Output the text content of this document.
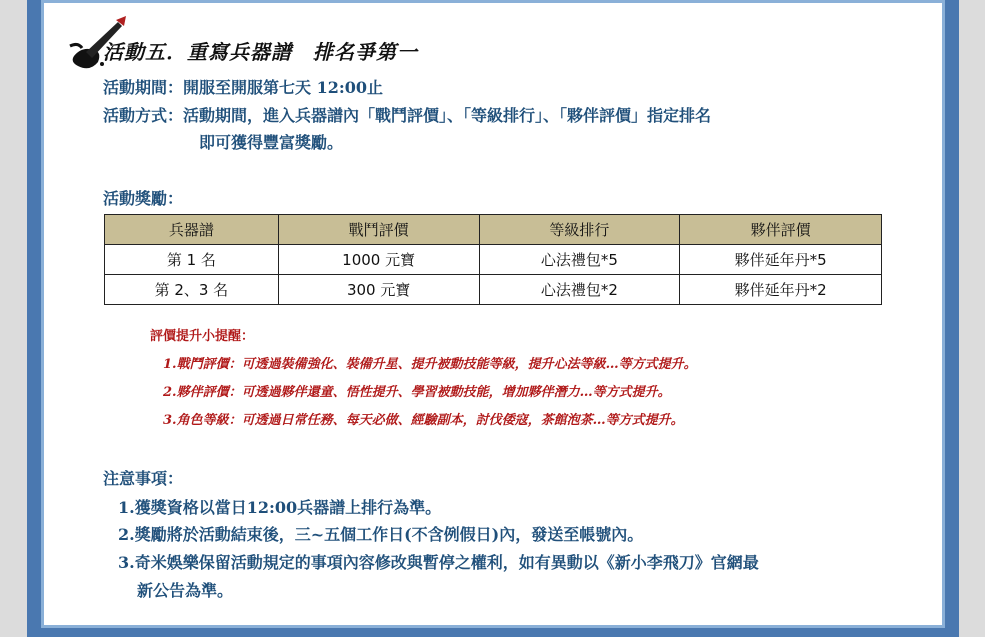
活動五．重寫兵器譜　排名爭第一
活動期間：開服至開服第七天 12:00止
活動方式：活動期間，進入兵器譜內「戰鬥評價」、「等級排行」、「夥伴評價」指定排名
即可獲得豐富獎勵。
活動獎勵：
兵器譜	戰鬥評價	等級排行	夥伴評價
第 1 名	1000 元寶	心法禮包*5	夥伴延年丹*5
第 2、3 名	300 元寶	心法禮包*2	夥伴延年丹*2
評價提升小提醒：
1.戰鬥評價：可透過裝備強化、裝備升星、提升被動技能等級，提升心法等級…等方式提升。
2.夥伴評價：可透過夥伴還童、悟性提升、學習被動技能，增加夥伴潛力…等方式提升。
3.角色等級：可透過日常任務、每天必做、經驗副本，討伐倭寇，茶館泡茶…等方式提升。
注意事項：
1.獲獎資格以當日12:00兵器譜上排行為準。
2.獎勵將於活動結束後，三~五個工作日(不含例假日)內，發送至帳號內。
3.奇米娛樂保留活動規定的事項內容修改與暫停之權利，如有異動以《新小李飛刀》官網最
新公告為準。
